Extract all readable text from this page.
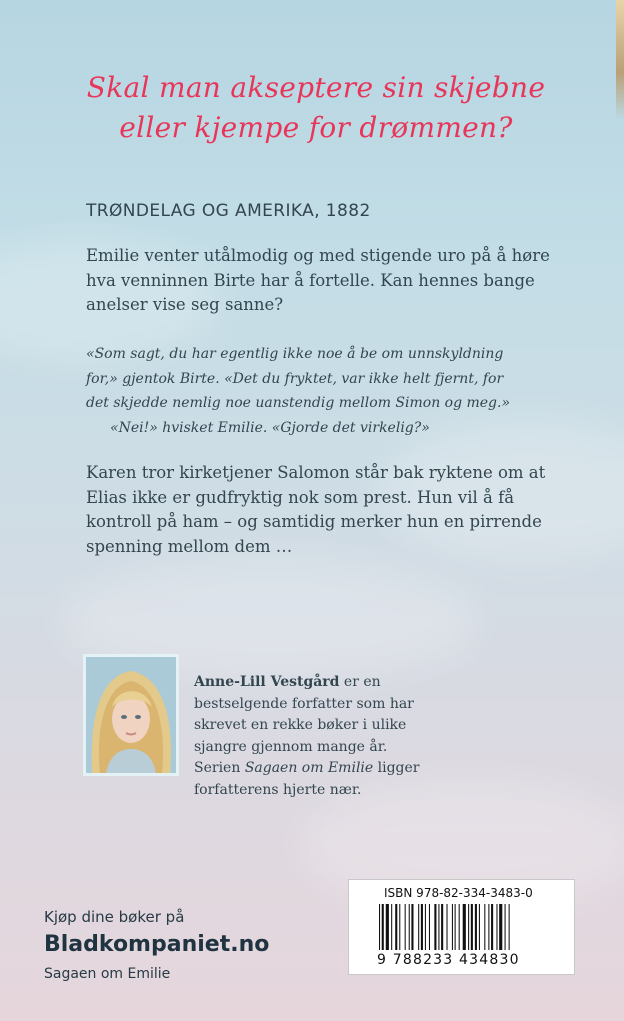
Skal man akseptere sin skjebne eller kjempe for drømmen?

TRØNDELAG OG AMERIKA, 1882

Emilie venter utålmodig og med stigende uro på å høre hva venninnen Birte har å fortelle. Kan hennes bange anelser vise seg sanne?

«Som sagt, du har egentlig ikke noe å be om unnskyldning
for,» gjentok Birte. «Det du fryktet, var ikke helt fjernt, for
det skjedde nemlig noe uanstendig mellom Simon og meg.»
«Nei!» hvisket Emilie. «Gjorde det virkelig?»

Karen tror kirketjener Salomon står bak ryktene om at Elias ikke er gudfryktig nok som prest. Hun vil å få kontroll på ham – og samtidig merker hun en pirrende spenning mellom dem …

Anne-Lill Vestgård er en bestselgende forfatter som har skrevet en rekke bøker i ulike sjangre gjennom mange år. Serien Sagaen om Emilie ligger forfatterens hjerte nær.

Kjøp dine bøker på
Bladkompaniet.no
Sagaen om Emilie

ISBN 978-82-334-3483-0

9 788233 434830
